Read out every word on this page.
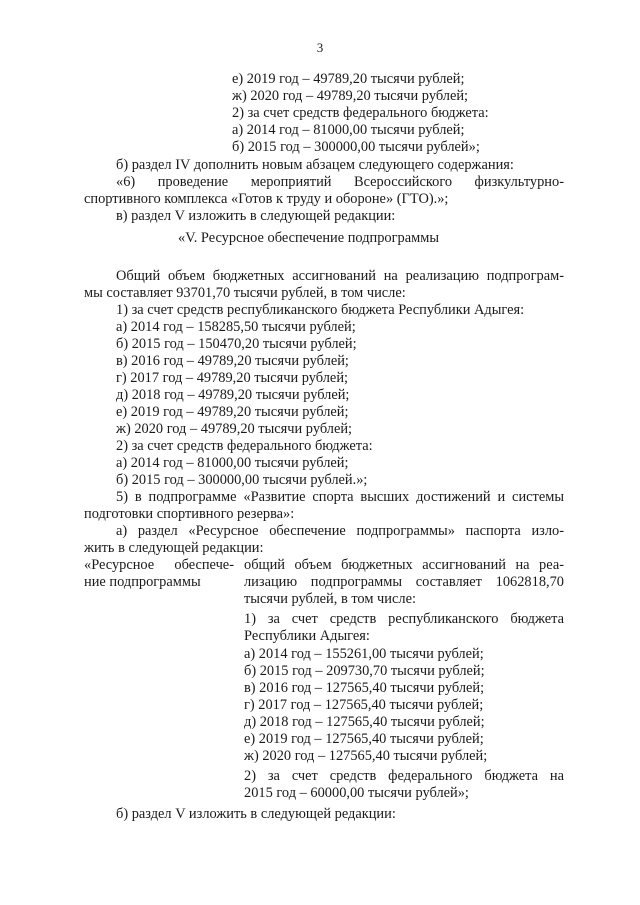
3
е) 2019 год – 49789,20 тысячи рублей;
ж) 2020 год – 49789,20 тысячи рублей;
2) за счет средств федерального бюджета:
а) 2014 год – 81000,00 тысячи рублей;
б) 2015 год – 300000,00 тысячи рублей»;
б) раздел IV дополнить новым абзацем следующего содержания:
«6) проведение мероприятий Всероссийского физкультурно-
спортивного комплекса «Готов к труду и обороне» (ГТО).»;
в) раздел V изложить в следующей редакции:
«V. Ресурсное обеспечение подпрограммы
Общий объем бюджетных ассигнований на реализацию подпрограм-
мы составляет 93701,70 тысячи рублей, в том числе:
1) за счет средств республиканского бюджета Республики Адыгея:
а) 2014 год – 158285,50 тысячи рублей;
б) 2015 год – 150470,20 тысячи рублей;
в) 2016 год – 49789,20 тысячи рублей;
г) 2017 год – 49789,20 тысячи рублей;
д) 2018 год – 49789,20 тысячи рублей;
е) 2019 год – 49789,20 тысячи рублей;
ж) 2020 год – 49789,20 тысячи рублей;
2) за счет средств федерального бюджета:
а) 2014 год – 81000,00 тысячи рублей;
б) 2015 год – 300000,00 тысячи рублей.»;
5) в подпрограмме «Развитие спорта высших достижений и системы
подготовки спортивного резерва»:
а) раздел «Ресурсное обеспечение подпрограммы» паспорта изло-
жить в следующей редакции:
«Ресурсное обеспече-
ние подпрограммы
общий объем бюджетных ассигнований на реа-
лизацию подпрограммы составляет 1062818,70
тысячи рублей, в том числе:
1) за счет средств республиканского бюджета
Республики Адыгея:
а) 2014 год – 155261,00 тысячи рублей;
б) 2015 год – 209730,70 тысячи рублей;
в) 2016 год – 127565,40 тысячи рублей;
г) 2017 год – 127565,40 тысячи рублей;
д) 2018 год – 127565,40 тысячи рублей;
е) 2019 год – 127565,40 тысячи рублей;
ж) 2020 год – 127565,40 тысячи рублей;
2) за счет средств федерального бюджета на
2015 год – 60000,00 тысячи рублей»;
б) раздел V изложить в следующей редакции:
